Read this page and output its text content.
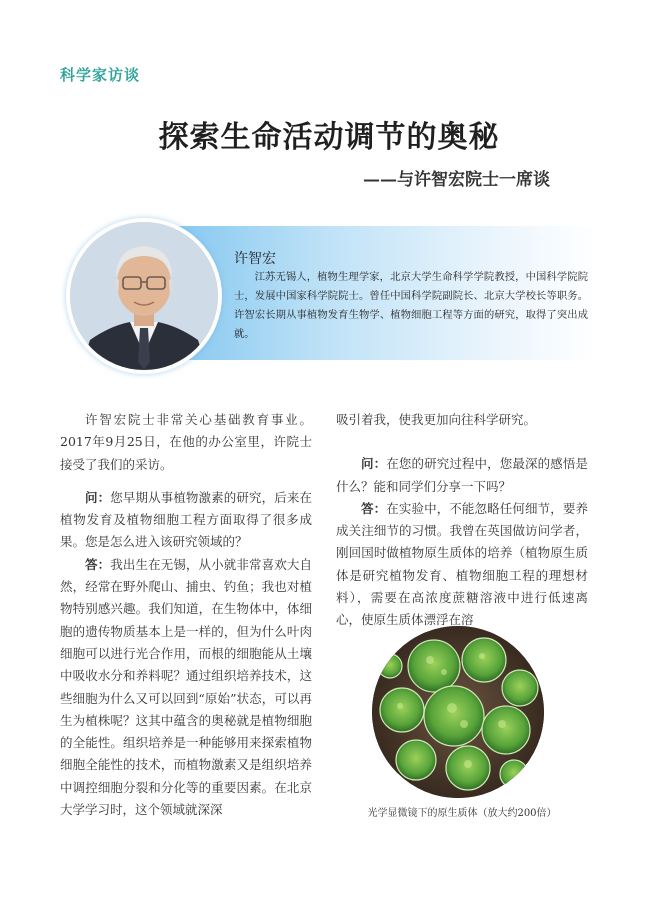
科学家访谈
探索生命活动调节的奥秘
——与许智宏院士一席谈
许智宏
江苏无锡人，植物生理学家，北京大学生命科学学院教授，中国科学院院士，发展中国家科学院院士。曾任中国科学院副院长、北京大学校长等职务。许智宏长期从事植物发育生物学、植物细胞工程等方面的研究，取得了突出成就。

许智宏院士非常关心基础教育事业。2017年9月25日，在他的办公室里，许院士接受了我们的采访。

问：您早期从事植物激素的研究，后来在植物发育及植物细胞工程方面取得了很多成果。您是怎么进入该研究领域的？

答：我出生在无锡，从小就非常喜欢大自然，经常在野外爬山、捕虫、钓鱼；我也对植物特别感兴趣。我们知道，在生物体中，体细胞的遗传物质基本上是一样的，但为什么叶肉细胞可以进行光合作用，而根的细胞能从土壤中吸收水分和养料呢？通过组织培养技术，这些细胞为什么又可以回到“原始”状态，可以再生为植株呢？这其中蕴含的奥秘就是植物细胞的全能性。组织培养是一种能够用来探索植物细胞全能性的技术，而植物激素又是组织培养中调控细胞分裂和分化等的重要因素。在北京大学学习时，这个领域就深深

吸引着我，使我更加向往科学研究。

问：在您的研究过程中，您最深的感悟是什么？能和同学们分享一下吗？

答：在实验中，不能忽略任何细节，要养成关注细节的习惯。我曾在英国做访问学者，刚回国时做植物原生质体的培养（植物原生质体是研究植物发育、植物细胞工程的理想材料），需要在高浓度蔗糖溶液中进行低速离心，使原生质体漂浮在溶

光学显微镜下的原生质体（放大约200倍）
